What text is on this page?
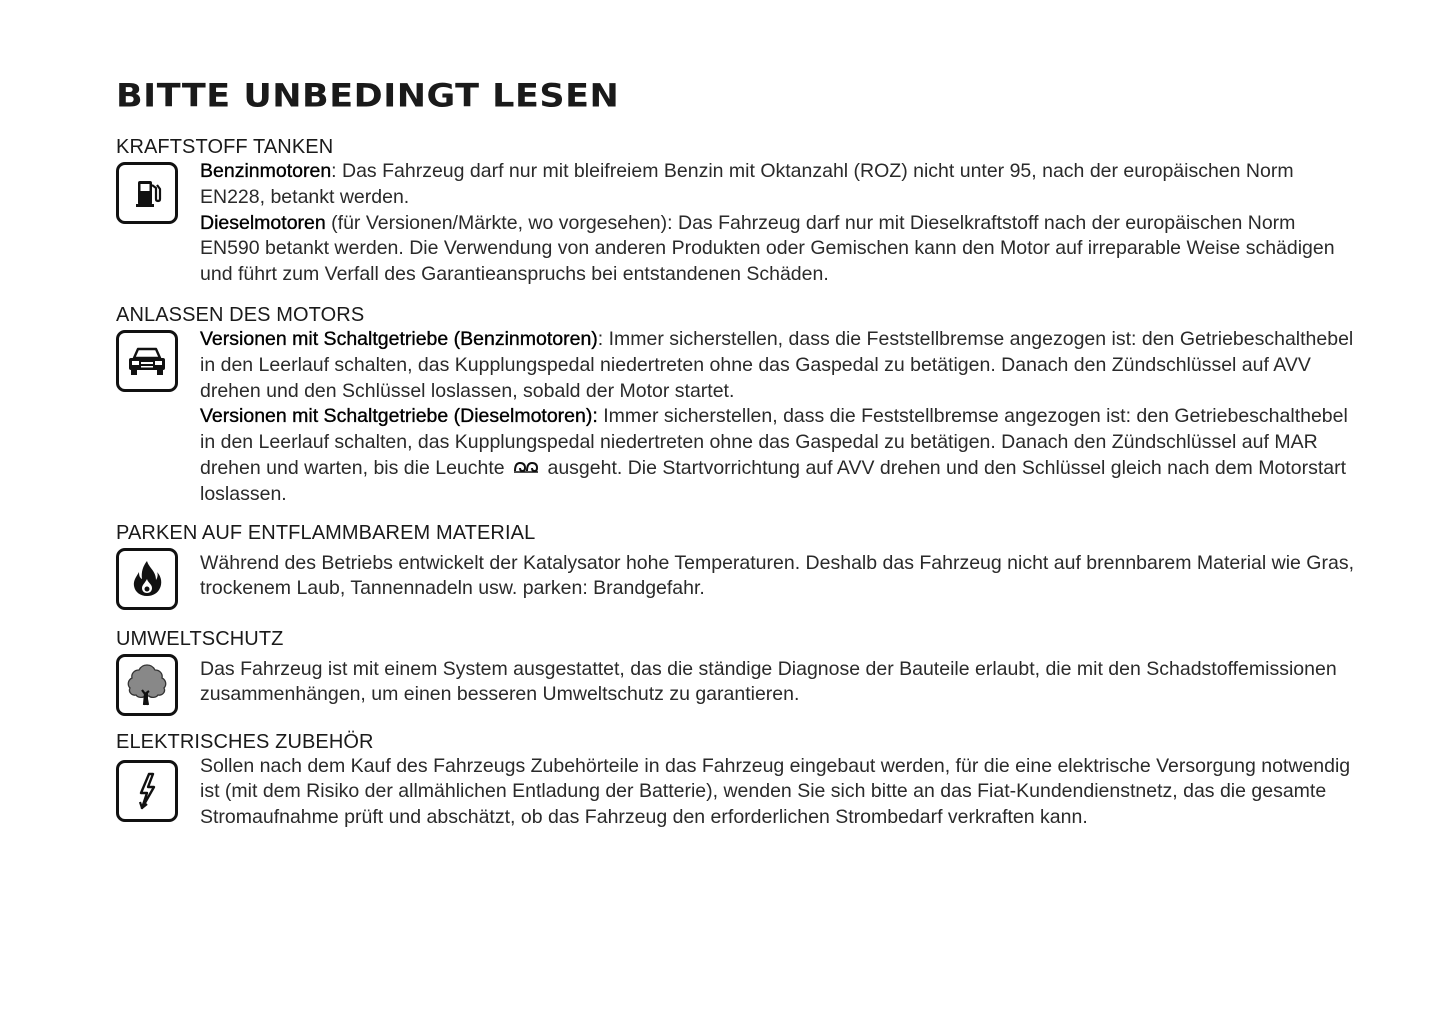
BITTE UNBEDINGT LESEN
KRAFTSTOFF TANKEN

Benzinmotoren: Das Fahrzeug darf nur mit bleifreiem Benzin mit Oktanzahl (ROZ) nicht unter 95, nach der europäischen Norm EN228, betankt werden.

Dieselmotoren (für Versionen/Märkte, wo vorgesehen): Das Fahrzeug darf nur mit Dieselkraftstoff nach der europäischen Norm EN590 betankt werden. Die Verwendung von anderen Produkten oder Gemischen kann den Motor auf irreparable Weise schädigen und führt zum Verfall des Garantieanspruchs bei entstandenen Schäden.

ANLASSEN DES MOTORS

Versionen mit Schaltgetriebe (Benzinmotoren): Immer sicherstellen, dass die Feststellbremse angezogen ist: den Getriebeschalthebel in den Leerlauf schalten, das Kupplungspedal niedertreten ohne das Gaspedal zu betätigen. Danach den Zündschlüssel auf AVV drehen und den Schlüssel loslassen, sobald der Motor startet.

Versionen mit Schaltgetriebe (Dieselmotoren): Immer sicherstellen, dass die Feststellbremse angezogen ist: den Getriebeschalthebel in den Leerlauf schalten, das Kupplungspedal niedertreten ohne das Gaspedal zu betätigen. Danach den Zündschlüssel auf MAR drehen und warten, bis die Leuchte  ausgeht. Die Startvorrichtung auf AVV drehen und den Schlüssel gleich nach dem Motorstart loslassen.

PARKEN AUF ENTFLAMMBAREM MATERIAL

Während des Betriebs entwickelt der Katalysator hohe Temperaturen. Deshalb das Fahrzeug nicht auf brennbarem Material wie Gras, trockenem Laub, Tannennadeln usw. parken: Brandgefahr.

UMWELTSCHUTZ

Das Fahrzeug ist mit einem System ausgestattet, das die ständige Diagnose der Bauteile erlaubt, die mit den Schadstoffemissionen zusammenhängen, um einen besseren Umweltschutz zu garantieren.

ELEKTRISCHES ZUBEHÖR

Sollen nach dem Kauf des Fahrzeugs Zubehörteile in das Fahrzeug eingebaut werden, für die eine elektrische Versorgung notwendig ist (mit dem Risiko der allmählichen Entladung der Batterie), wenden Sie sich bitte an das Fiat-Kundendienstnetz, das die gesamte Stromaufnahme prüft und abschätzt, ob das Fahrzeug den erforderlichen Strombedarf verkraften kann.
